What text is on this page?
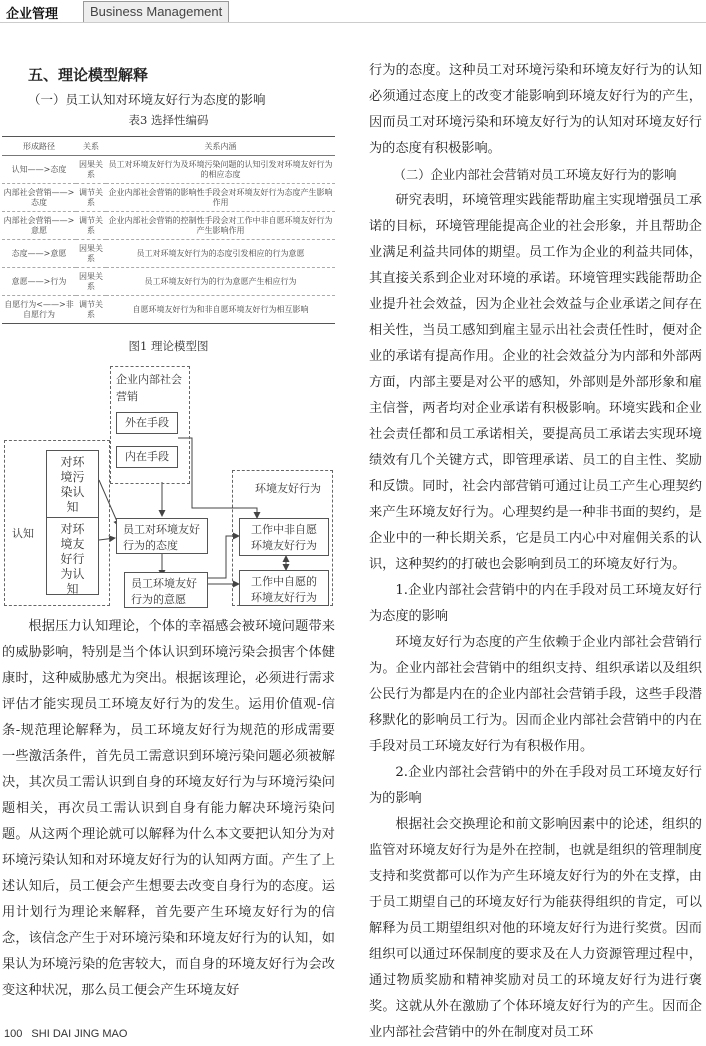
企业管理	Business Management
五、理论模型解释
（一）员工认知对环境友好行为态度的影响
表3 选择性编码
形成路径	关系	关系内涵
认知——>态度	因果关系	员工对环境友好行为及环境污染问题的认知引发对环境友好行为的相应态度
内部社会营销——>态度	调节关系	企业内部社会营销的影响性手段会对环境友好行为态度产生影响作用
内部社会营销——>意愿	调节关系	企业内部社会营销的控制性手段会对工作中非自愿环境友好行为产生影响作用
态度——>意愿	因果关系	员工对环境友好行为的态度引发相应的行为意愿
意愿——>行为	因果关系	员工环境友好行为的行为意愿产生相应行为
自愿行为<——>非自愿行为	调节关系	自愿环境友好行为和非自愿环境友好行为相互影响
图1 理论模型图
企业内部社会营销
外在手段
内在手段
认知
对环境污染认知
对环境友好行为认知
员工对环境友好行为的态度
员工环境友好行为的意愿
环境友好行为
工作中非自愿环境友好行为
工作中自愿的环境友好行为

根据压力认知理论，个体的幸福感会被环境问题带来的威胁影响，特别是当个体认识到环境污染会损害个体健康时，这种威胁感尤为突出。根据该理论，必须进行需求评估才能实现员工环境友好行为的发生。运用价值观-信条-规范理论解释为，员工环境友好行为规范的形成需要一些激活条件，首先员工需意识到环境污染问题必须被解决，其次员工需认识到自身的环境友好行为与环境污染问题相关，再次员工需认识到自身有能力解决环境污染问题。从这两个理论就可以解释为什么本文要把认知分为对环境污染认知和对环境友好行为的认知两方面。产生了上述认知后，员工便会产生想要去改变自身行为的态度。运用计划行为理论来解释，首先要产生环境友好行为的信念，该信念产生于对环境污染和环境友好行为的认知，如果认为环境污染的危害较大，而自身的环境友好行为会改变这种状况，那么员工便会产生环境友好

行为的态度。这种员工对环境污染和环境友好行为的认知必须通过态度上的改变才能影响到环境友好行为的产生，因而员工对环境污染和环境友好行为的认知对环境友好行为的态度有积极影响。

（二）企业内部社会营销对员工环境友好行为的影响

研究表明，环境管理实践能帮助雇主实现增强员工承诺的目标，环境管理能提高企业的社会形象，并且帮助企业满足利益共同体的期望。员工作为企业的利益共同体，其直接关系到企业对环境的承诺。环境管理实践能帮助企业提升社会效益，因为企业社会效益与企业承诺之间存在相关性，当员工感知到雇主显示出社会责任性时，便对企业的承诺有提高作用。企业的社会效益分为内部和外部两方面，内部主要是对公平的感知，外部则是外部形象和雇主信誉，两者均对企业承诺有积极影响。环境实践和企业社会责任都和员工承诺相关，要提高员工承诺去实现环境绩效有几个关键方式，即管理承诺、员工的自主性、奖励和反馈。同时，社会内部营销可通过让员工产生心理契约来产生环境友好行为。心理契约是一种非书面的契约，是企业中的一种长期关系，它是员工内心中对雇佣关系的认识，这种契约的打破也会影响到员工的环境友好行为。

1.企业内部社会营销中的内在手段对员工环境友好行为态度的影响

环境友好行为态度的产生依赖于企业内部社会营销行为。企业内部社会营销中的组织支持、组织承诺以及组织公民行为都是内在的企业内部社会营销手段，这些手段潜移默化的影响员工行为。因而企业内部社会营销中的内在手段对员工环境友好行为有积极作用。

2.企业内部社会营销中的外在手段对员工环境友好行为的影响

根据社会交换理论和前文影响因素中的论述，组织的监管对环境友好行为是外在控制，也就是组织的管理制度支持和奖赏都可以作为产生环境友好行为的外在支撑，由于员工期望自己的环境友好行为能获得组织的肯定，可以解释为员工期望组织对他的环境友好行为进行奖赏。因而组织可以通过环保制度的要求及在人力资源管理过程中，通过物质奖励和精神奖励对员工的环境友好行为进行褒奖。这就从外在激励了个体环境友好行为的产生。因而企业内部社会营销中的外在制度对员工环

100 SHI DAI JING MAO
